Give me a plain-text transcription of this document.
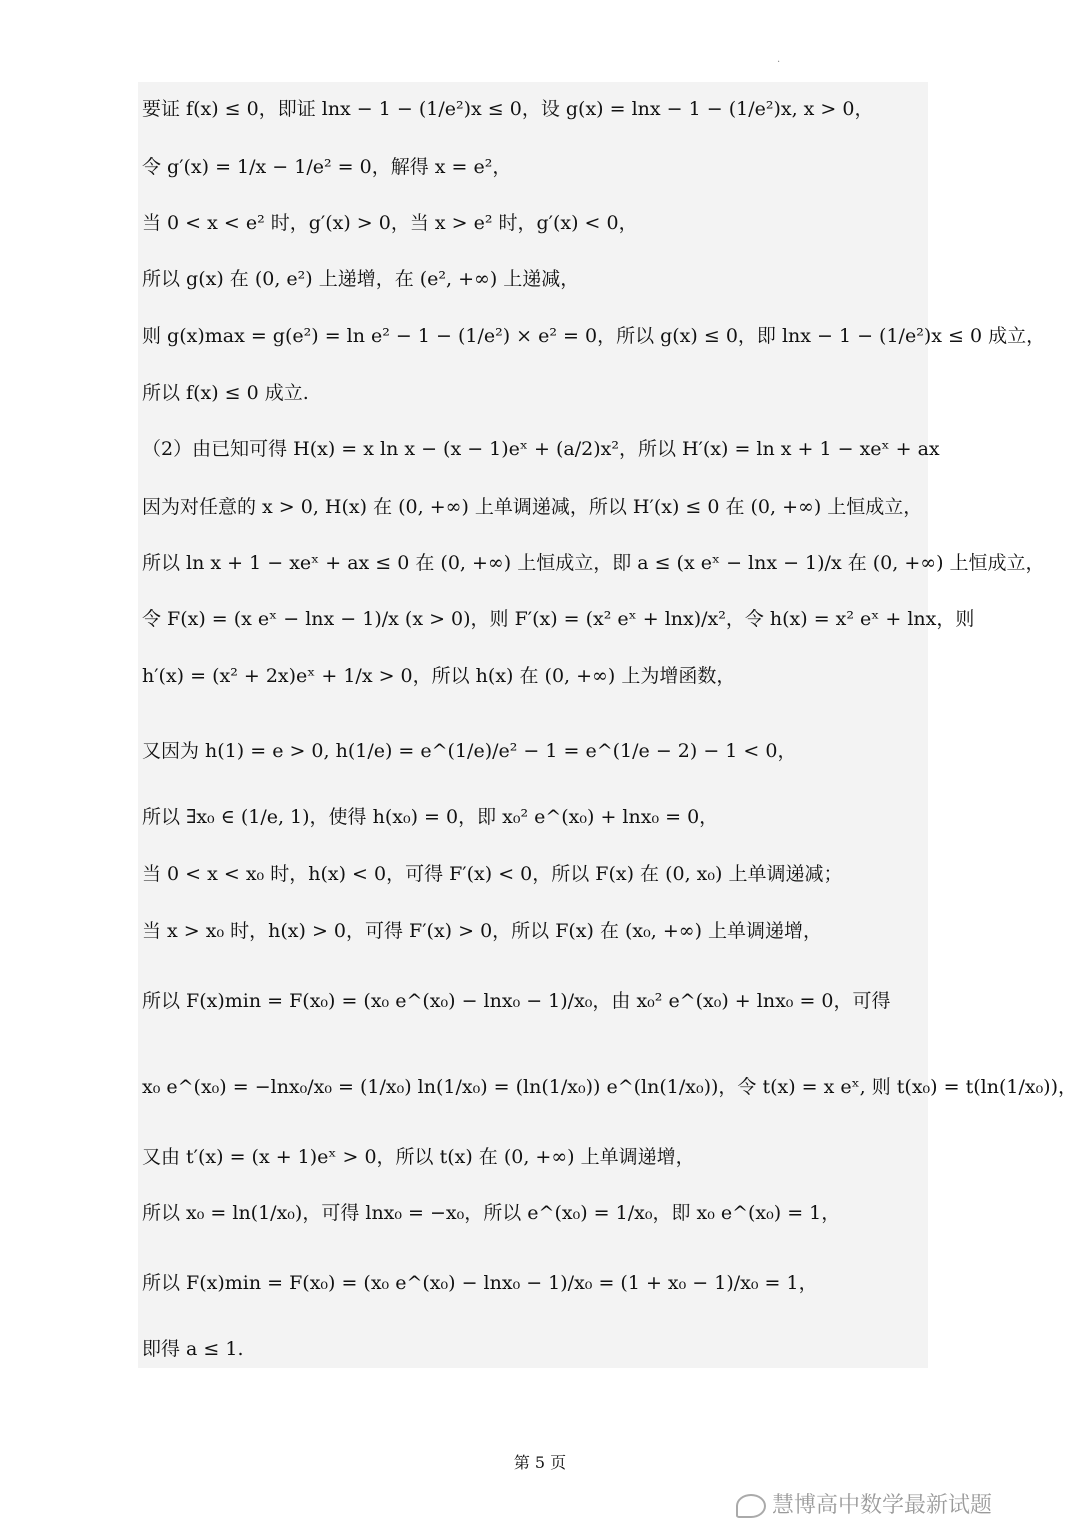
.
要证 f(x) ≤ 0，即证 lnx − 1 − (1/e²)x ≤ 0，设 g(x) = lnx − 1 − (1/e²)x, x > 0，
令 g′(x) = 1/x − 1/e² = 0，解得 x = e²，
当 0 < x < e² 时，g′(x) > 0，当 x > e² 时，g′(x) < 0，
所以 g(x) 在 (0, e²) 上递增，在 (e², +∞) 上递减，
则 g(x)max = g(e²) = ln e² − 1 − (1/e²) × e² = 0，所以 g(x) ≤ 0，即 lnx − 1 − (1/e²)x ≤ 0 成立，
所以 f(x) ≤ 0 成立.
（2）由已知可得 H(x) = x ln x − (x − 1)eˣ + (a/2)x²，所以 H′(x) = ln x + 1 − xeˣ + ax
因为对任意的 x > 0, H(x) 在 (0, +∞) 上单调递减，所以 H′(x) ≤ 0 在 (0, +∞) 上恒成立，
所以 ln x + 1 − xeˣ + ax ≤ 0 在 (0, +∞) 上恒成立，即 a ≤ (x eˣ − lnx − 1)/x 在 (0, +∞) 上恒成立，
令 F(x) = (x eˣ − lnx − 1)/x (x > 0)，则 F′(x) = (x² eˣ + lnx)/x²，令 h(x) = x² eˣ + lnx，则
h′(x) = (x² + 2x)eˣ + 1/x > 0，所以 h(x) 在 (0, +∞) 上为增函数，
又因为 h(1) = e > 0, h(1/e) = e^(1/e)/e² − 1 = e^(1/e − 2) − 1 < 0，
所以 ∃x₀ ∈ (1/e, 1)，使得 h(x₀) = 0，即 x₀² e^(x₀) + lnx₀ = 0，
当 0 < x < x₀ 时，h(x) < 0，可得 F′(x) < 0，所以 F(x) 在 (0, x₀) 上单调递减；
当 x > x₀ 时，h(x) > 0，可得 F′(x) > 0，所以 F(x) 在 (x₀, +∞) 上单调递增，
所以 F(x)min = F(x₀) = (x₀ e^(x₀) − lnx₀ − 1)/x₀，由 x₀² e^(x₀) + lnx₀ = 0，可得
x₀ e^(x₀) = −lnx₀/x₀ = (1/x₀) ln(1/x₀) = (ln(1/x₀)) e^(ln(1/x₀))，令 t(x) = x eˣ, 则 t(x₀) = t(ln(1/x₀))，
又由 t′(x) = (x + 1)eˣ > 0，所以 t(x) 在 (0, +∞) 上单调递增，
所以 x₀ = ln(1/x₀)，可得 lnx₀ = −x₀，所以 e^(x₀) = 1/x₀，即 x₀ e^(x₀) = 1，
所以 F(x)min = F(x₀) = (x₀ e^(x₀) − lnx₀ − 1)/x₀ = (1 + x₀ − 1)/x₀ = 1，
即得 a ≤ 1.
第 5 页
慧博高中数学最新试题
